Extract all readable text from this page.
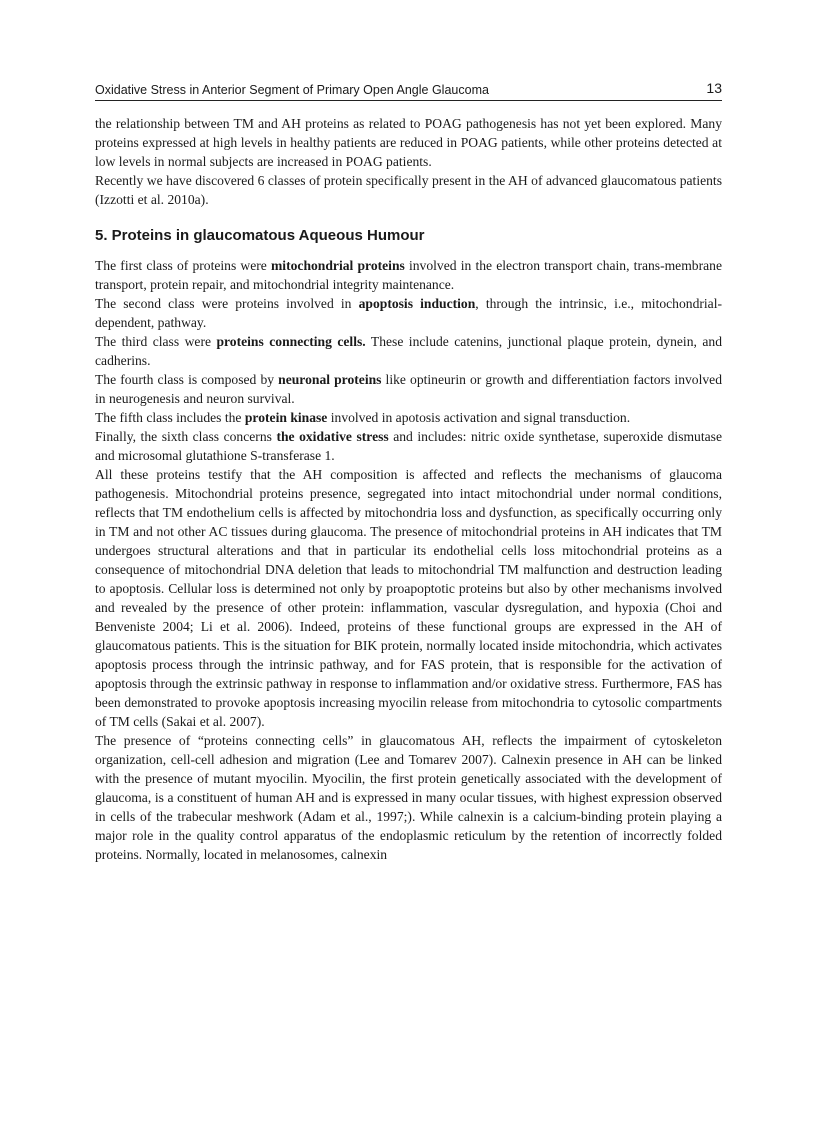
Oxidative Stress in Anterior Segment of Primary Open Angle Glaucoma	13

the relationship between TM and AH proteins as related to POAG pathogenesis has not yet been explored. Many proteins expressed at high levels in healthy patients are reduced in POAG patients, while other proteins detected at low levels in normal subjects are increased in POAG patients.

Recently we have discovered 6 classes of protein specifically present in the AH of advanced glaucomatous patients (Izzotti et al. 2010a).

5. Proteins in glaucomatous Aqueous Humour

The first class of proteins were mitochondrial proteins involved in the electron transport chain, trans-membrane transport, protein repair, and mitochondrial integrity maintenance.

The second class were proteins involved in apoptosis induction, through the intrinsic, i.e., mitochondrial-dependent, pathway.

The third class were proteins connecting cells. These include catenins, junctional plaque protein, dynein, and cadherins.

The fourth class is composed by neuronal proteins like optineurin or growth and differentiation factors involved in neurogenesis and neuron survival.

The fifth class includes the protein kinase involved in apotosis activation and signal transduction.

Finally, the sixth class concerns the oxidative stress and includes: nitric oxide synthetase, superoxide dismutase and microsomal glutathione S-transferase 1.

All these proteins testify that the AH composition is affected and reflects the mechanisms of glaucoma pathogenesis. Mitochondrial proteins presence, segregated into intact mitochondrial under normal conditions, reflects that TM endothelium cells is affected by mitochondria loss and dysfunction, as specifically occurring only in TM and not other AC tissues during glaucoma. The presence of mitochondrial proteins in AH indicates that TM undergoes structural alterations and that in particular its endothelial cells loss mitochondrial proteins as a consequence of mitochondrial DNA deletion that leads to mitochondrial TM malfunction and destruction leading to apoptosis. Cellular loss is determined not only by proapoptotic proteins but also by other mechanisms involved and revealed by the presence of other protein: inflammation, vascular dysregulation, and hypoxia (Choi and Benveniste 2004; Li et al. 2006). Indeed, proteins of these functional groups are expressed in the AH of glaucomatous patients. This is the situation for BIK protein, normally located inside mitochondria, which activates apoptosis process through the intrinsic pathway, and for FAS protein, that is responsible for the activation of apoptosis through the extrinsic pathway in response to inflammation and/or oxidative stress. Furthermore, FAS has been demonstrated to provoke apoptosis increasing myocilin release from mitochondria to cytosolic compartments of TM cells (Sakai et al. 2007).

The presence of “proteins connecting cells” in glaucomatous AH, reflects the impairment of cytoskeleton organization, cell-cell adhesion and migration (Lee and Tomarev 2007). Calnexin presence in AH can be linked with the presence of mutant myocilin. Myocilin, the first protein genetically associated with the development of glaucoma, is a constituent of human AH and is expressed in many ocular tissues, with highest expression observed in cells of the trabecular meshwork (Adam et al., 1997;). While calnexin is a calcium-binding protein playing a major role in the quality control apparatus of the endoplasmic reticulum by the retention of incorrectly folded proteins. Normally, located in melanosomes, calnexin
